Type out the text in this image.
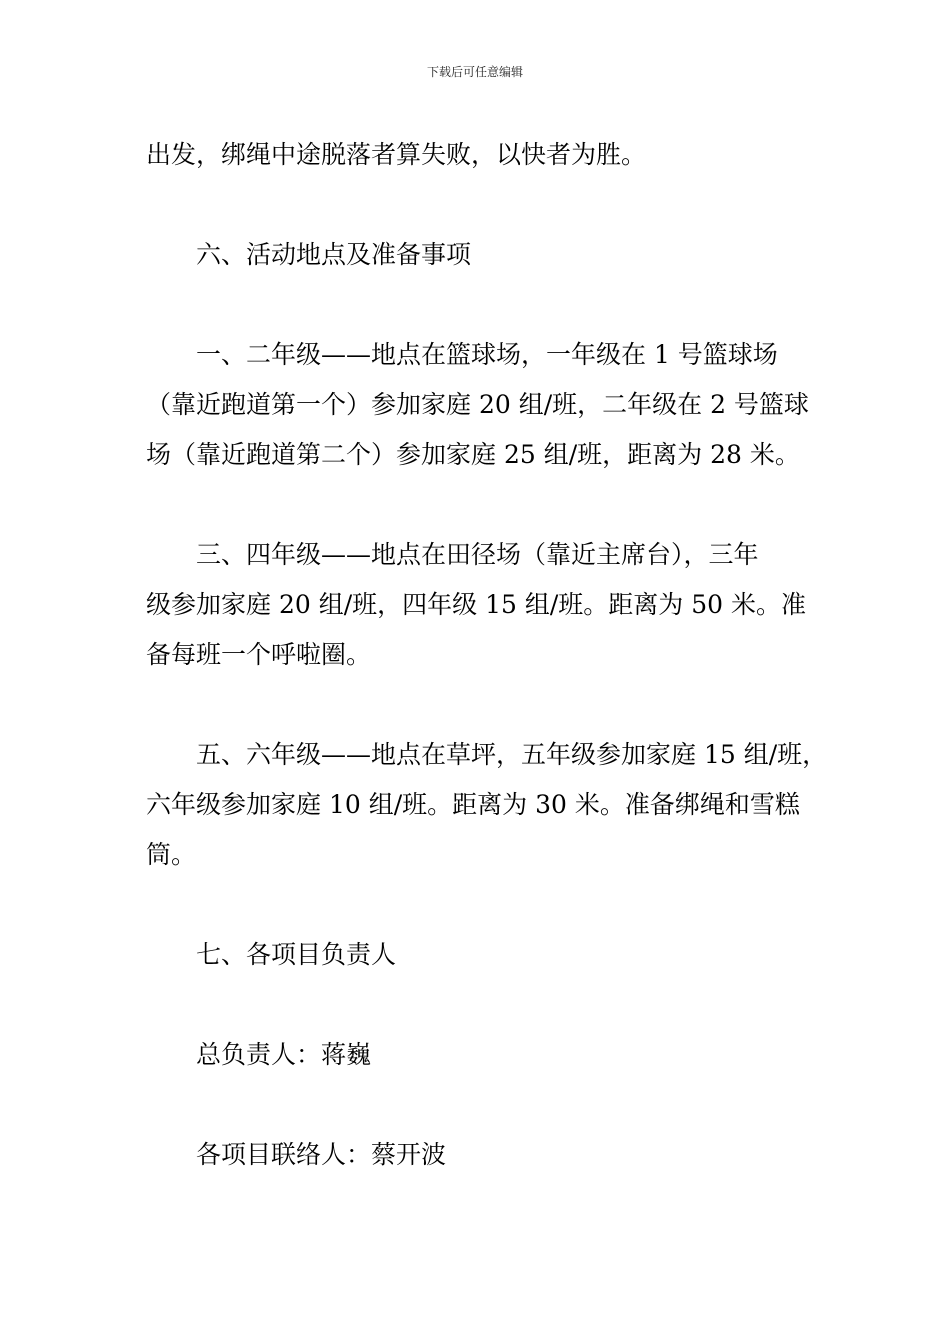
下载后可任意编辑

出发，绑绳中途脱落者算失败，以快者为胜。

六、活动地点及准备事项

一、二年级——地点在篮球场，一年级在 1 号篮球场

（靠近跑道第一个）参加家庭 20 组/班，二年级在 2 号篮球

场（靠近跑道第二个）参加家庭 25 组/班，距离为 28 米。

三、四年级——地点在田径场（靠近主席台），三年

级参加家庭 20 组/班，四年级 15 组/班。距离为 50 米。准

备每班一个呼啦圈。

五、六年级——地点在草坪，五年级参加家庭 15 组/班，

六年级参加家庭 10 组/班。距离为 30 米。准备绑绳和雪糕

筒。

七、各项目负责人

总负责人：蒋巍

各项目联络人：蔡开波
